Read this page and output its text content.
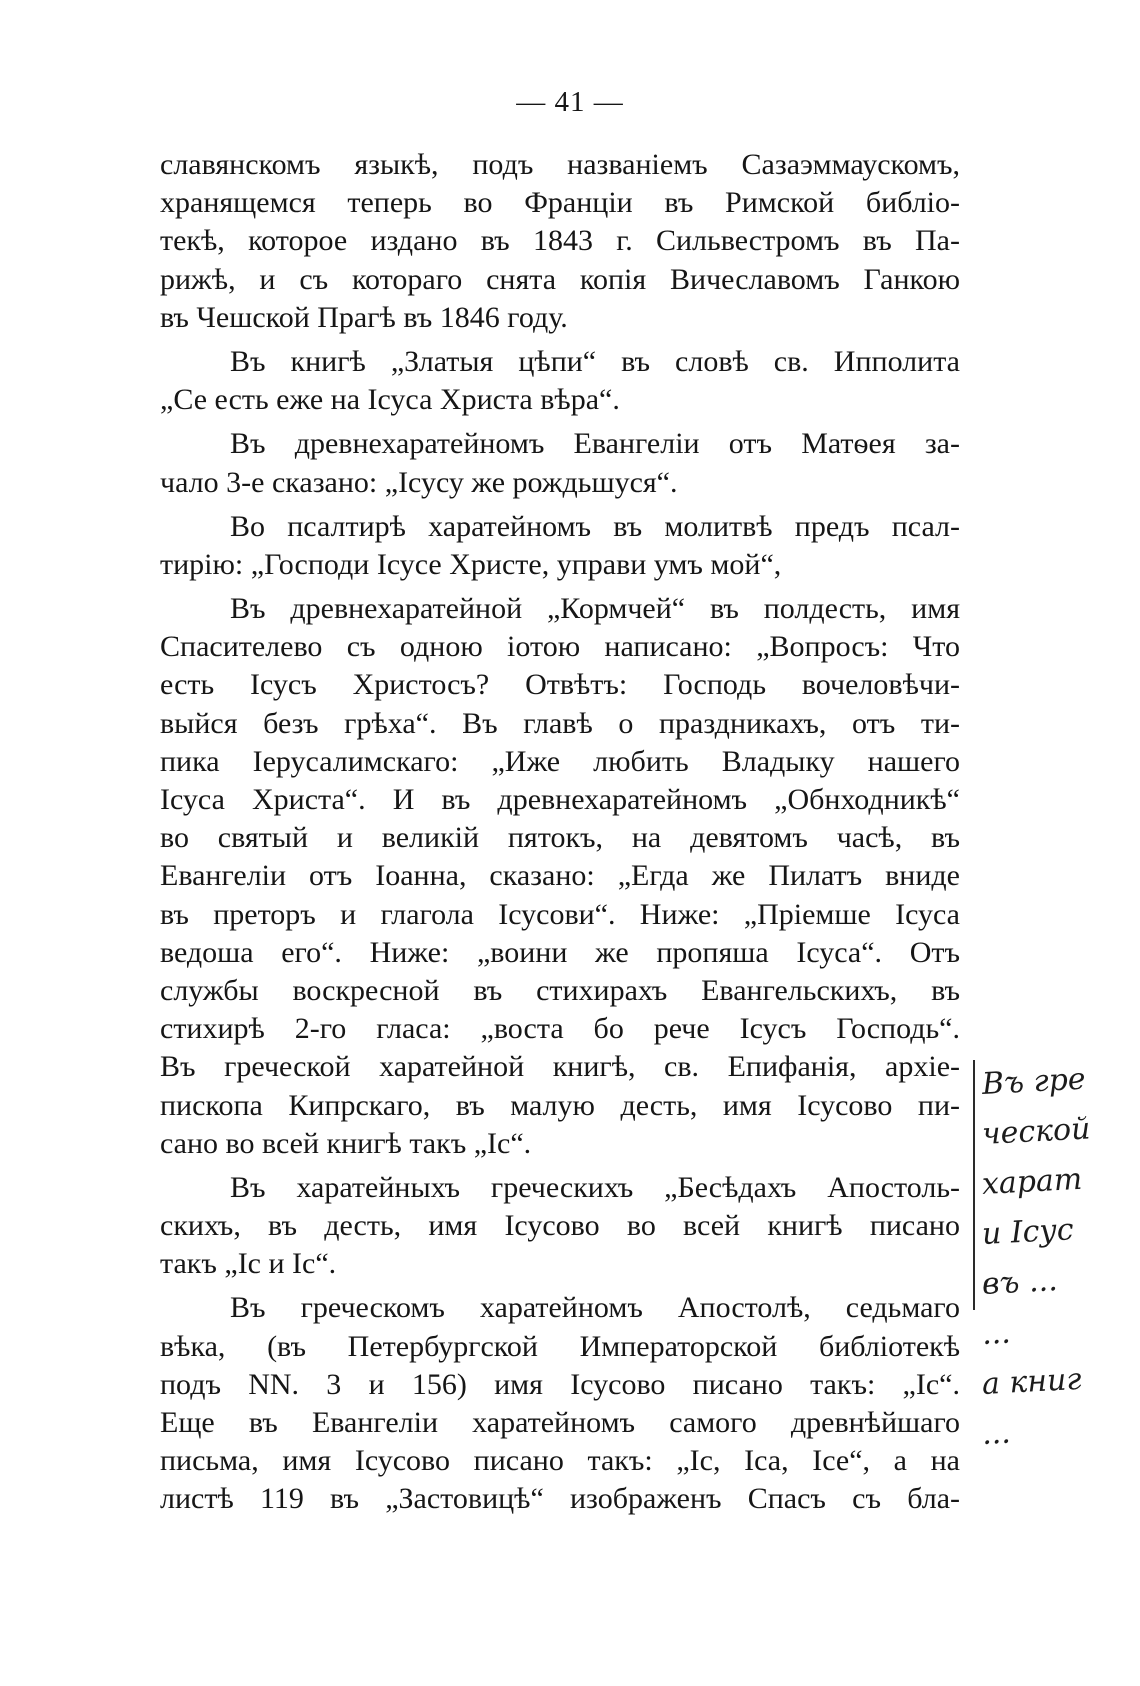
— 41 —
славянскомъ языкѣ, подъ названіемъ Сазаэммаускомъ,
хранящемся теперь во Франціи въ Римской библіо-
текѣ, которое издано въ 1843 г. Сильвестромъ въ Па-
рижѣ, и съ котораго снята копія Вичеславомъ Ганкою
въ Чешской Прагѣ въ 1846 году.
Въ книгѣ „Златыя цѣпи“ въ словѣ св. Ипполита
„Се есть еже на Ісуса Христа вѣра“.
Въ древнехаратейномъ Евангеліи отъ Матѳея за-
чало 3-е сказано: „Ісусу же рождьшуся“.
Во псалтирѣ харатейномъ въ молитвѣ предъ псал-
тирію: „Господи Ісусе Христе, управи умъ мой“,
Въ древнехаратейной „Кормчей“ въ полдесть, имя
Спасителево съ одною іотою написано: „Вопросъ: Что
есть Ісусъ Христосъ? Отвѣтъ: Господь вочеловѣчи-
выйся безъ грѣха“. Въ главѣ о праздникахъ, отъ ти-
пика Іерусалимскаго: „Иже любить Владыку нашего
Ісуса Христа“. И въ древнехаратейномъ „Обнходникѣ“
во святый и великій пятокъ, на девятомъ часѣ, въ
Евангеліи отъ Іоанна, сказано: „Егда же Пилатъ вниде
въ преторъ и глагола Ісусови“. Ниже: „Пріемше Ісуса
ведоша его“. Ниже: „воини же пропяша Ісуса“. Отъ
службы воскресной въ стихирахъ Евангельскихъ, въ
стихирѣ 2-го гласа: „воста бо рече Ісусъ Господь“.
Въ греческой харатейной книгѣ, св. Епифанія, архіе-
пископа Кипрскаго, въ малую десть, имя Ісусово пи-
сано во всей книгѣ такъ „Іс“.
Въ харатейныхъ греческихъ „Бесѣдахъ Апостоль-
скихъ, въ десть, имя Ісусово во всей книгѣ писано
такъ „Іс и Іс“.
Въ греческомъ харатейномъ Апостолѣ, седьмаго
вѣка, (въ Петербургской Императорской библіотекѣ
подъ NN. 3 и 156) имя Ісусово писано такъ: „Іс“.
Еще въ Евангеліи харатейномъ самого древнѣйшаго
письма, имя Ісусово писано такъ: „Іс, Іса, Ісе“, а на
листѣ 119 въ „Застовицѣ“ изображенъ Спасъ съ бла-
Въ гре
ческой
харат
и Ісус
въ ...
...
а книг
...
